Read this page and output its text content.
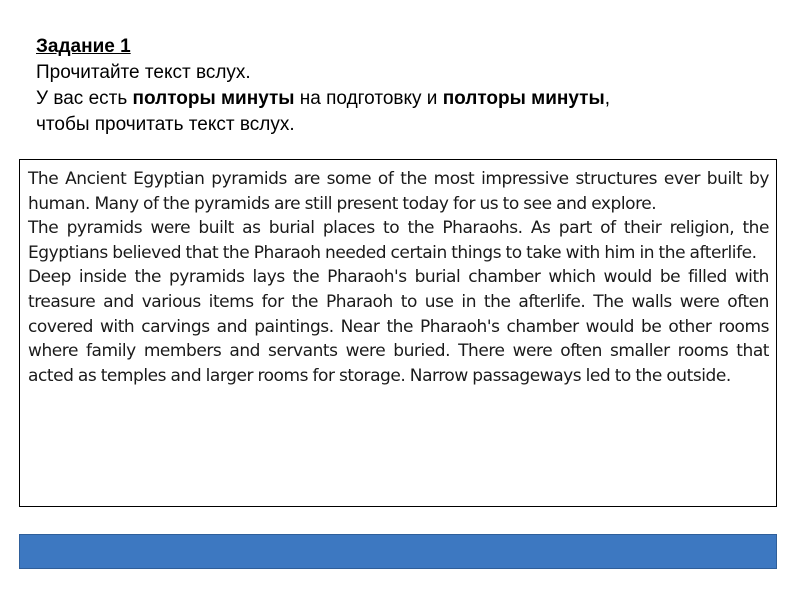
Задание 1
Прочитайте текст вслух.
У вас есть полторы минуты на подготовку и полторы минуты,
чтобы прочитать текст вслух.

The Ancient Egyptian pyramids are some of the most impressive structures ever built by human. Many of the pyramids are still present today for us to see and explore.

The pyramids were built as burial places to the Pharaohs. As part of their religion, the Egyptians believed that the Pharaoh needed certain things to take with him in the afterlife.

Deep inside the pyramids lays the Pharaoh's burial chamber which would be filled with treasure and various items for the Pharaoh to use in the afterlife. The walls were often covered with carvings and paintings. Near the Pharaoh's chamber would be other rooms where family members and servants were buried. There were often smaller rooms that acted as temples and larger rooms for storage. Narrow passageways led to the outside.
